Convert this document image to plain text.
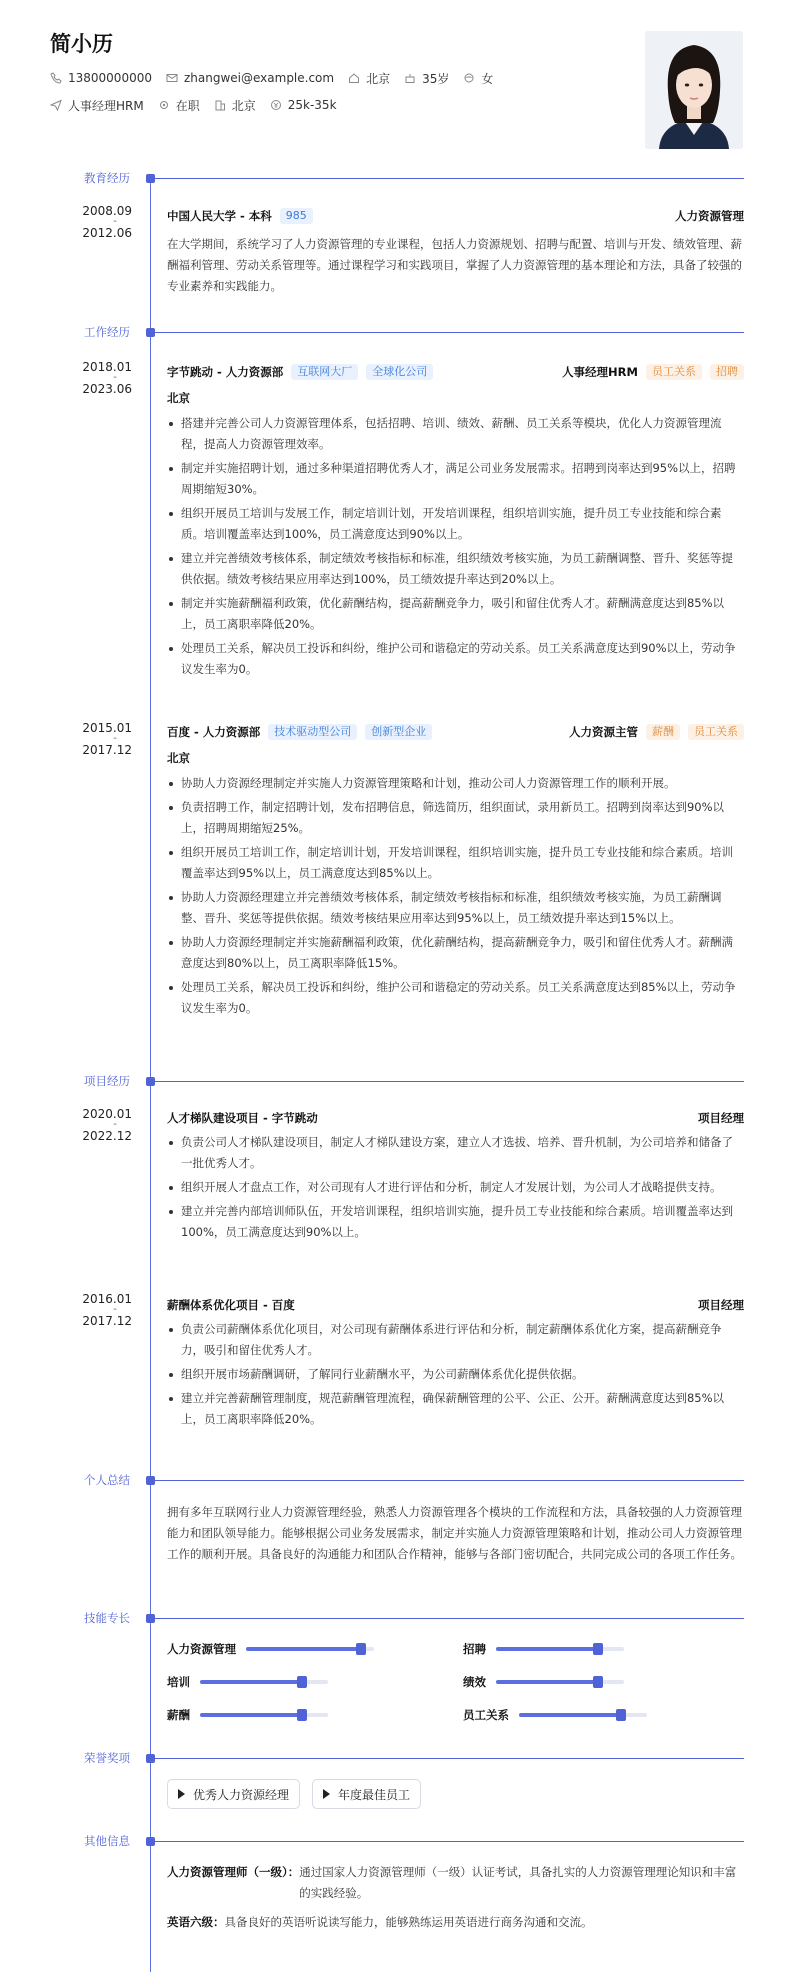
简小历
13800000000	zhangwei@example.com	北京	35岁	女
人事经理HRM	在职	北京	25k-35k
教育经历
2008.09
-
2012.06
中国人民大学 - 本科	985	人力资源管理
在大学期间，系统学习了人力资源管理的专业课程，包括人力资源规划、招聘与配置、培训与开发、绩效管理、薪酬福利管理、劳动关系管理等。通过课程学习和实践项目，掌握了人力资源管理的基本理论和方法，具备了较强的专业素养和实践能力。
工作经历
2018.01
-
2023.06
字节跳动 - 人力资源部	互联网大厂	全球化公司	人事经理HRM	员工关系	招聘
北京
搭建并完善公司人力资源管理体系，包括招聘、培训、绩效、薪酬、员工关系等模块，优化人力资源管理流程，提高人力资源管理效率。
制定并实施招聘计划，通过多种渠道招聘优秀人才，满足公司业务发展需求。招聘到岗率达到95%以上，招聘周期缩短30%。
组织开展员工培训与发展工作，制定培训计划，开发培训课程，组织培训实施，提升员工专业技能和综合素质。培训覆盖率达到100%，员工满意度达到90%以上。
建立并完善绩效考核体系，制定绩效考核指标和标准，组织绩效考核实施，为员工薪酬调整、晋升、奖惩等提供依据。绩效考核结果应用率达到100%，员工绩效提升率达到20%以上。
制定并实施薪酬福利政策，优化薪酬结构，提高薪酬竞争力，吸引和留住优秀人才。薪酬满意度达到85%以上，员工离职率降低20%。
处理员工关系，解决员工投诉和纠纷，维护公司和谐稳定的劳动关系。员工关系满意度达到90%以上，劳动争议发生率为0。
2015.01
-
2017.12
百度 - 人力资源部	技术驱动型公司	创新型企业	人力资源主管	薪酬	员工关系
北京
协助人力资源经理制定并实施人力资源管理策略和计划，推动公司人力资源管理工作的顺利开展。
负责招聘工作，制定招聘计划，发布招聘信息，筛选简历，组织面试，录用新员工。招聘到岗率达到90%以上，招聘周期缩短25%。
组织开展员工培训工作，制定培训计划，开发培训课程，组织培训实施，提升员工专业技能和综合素质。培训覆盖率达到95%以上，员工满意度达到85%以上。
协助人力资源经理建立并完善绩效考核体系，制定绩效考核指标和标准，组织绩效考核实施，为员工薪酬调整、晋升、奖惩等提供依据。绩效考核结果应用率达到95%以上，员工绩效提升率达到15%以上。
协助人力资源经理制定并实施薪酬福利政策，优化薪酬结构，提高薪酬竞争力，吸引和留住优秀人才。薪酬满意度达到80%以上，员工离职率降低15%。
处理员工关系，解决员工投诉和纠纷，维护公司和谐稳定的劳动关系。员工关系满意度达到85%以上，劳动争议发生率为0。
项目经历
2020.01
-
2022.12
人才梯队建设项目 - 字节跳动	项目经理
负责公司人才梯队建设项目，制定人才梯队建设方案，建立人才选拔、培养、晋升机制，为公司培养和储备了一批优秀人才。
组织开展人才盘点工作，对公司现有人才进行评估和分析，制定人才发展计划，为公司人才战略提供支持。
建立并完善内部培训师队伍，开发培训课程，组织培训实施，提升员工专业技能和综合素质。培训覆盖率达到100%，员工满意度达到90%以上。
2016.01
-
2017.12
薪酬体系优化项目 - 百度	项目经理
负责公司薪酬体系优化项目，对公司现有薪酬体系进行评估和分析，制定薪酬体系优化方案，提高薪酬竞争力，吸引和留住优秀人才。
组织开展市场薪酬调研，了解同行业薪酬水平，为公司薪酬体系优化提供依据。
建立并完善薪酬管理制度，规范薪酬管理流程，确保薪酬管理的公平、公正、公开。薪酬满意度达到85%以上，员工离职率降低20%。
个人总结
拥有多年互联网行业人力资源管理经验，熟悉人力资源管理各个模块的工作流程和方法，具备较强的人力资源管理能力和团队领导能力。能够根据公司业务发展需求，制定并实施人力资源管理策略和计划，推动公司人力资源管理工作的顺利开展。具备良好的沟通能力和团队合作精神，能够与各部门密切配合，共同完成公司的各项工作任务。
技能专长
人力资源管理	招聘
培训	绩效
薪酬	员工关系
荣誉奖项
优秀人力资源经理	年度最佳员工
其他信息
人力资源管理师（一级）： 通过国家人力资源管理师（一级）认证考试，具备扎实的人力资源管理理论知识和丰富的实践经验。
英语六级： 具备良好的英语听说读写能力，能够熟练运用英语进行商务沟通和交流。
